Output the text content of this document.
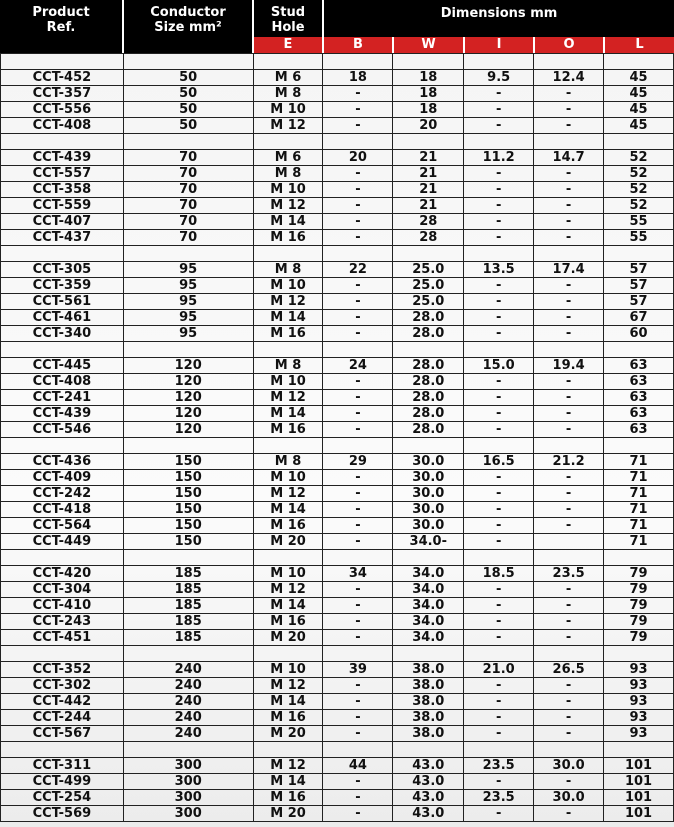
Product
Ref.
Conductor
Size mm²
Stud
Hole
Dimensions mm
E	B	W	I	O	L

CCT-452	50	M 6	18	18	9.5	12.4	45
CCT-357	50	M 8	-	18	-	-	45
CCT-556	50	M 10	-	18	-	-	45
CCT-408	50	M 12	-	20	-	-	45

CCT-439	70	M 6	20	21	11.2	14.7	52
CCT-557	70	M 8	-	21	-	-	52
CCT-358	70	M 10	-	21	-	-	52
CCT-559	70	M 12	-	21	-	-	52
CCT-407	70	M 14	-	28	-	-	55
CCT-437	70	M 16	-	28	-	-	55

CCT-305	95	M 8	22	25.0	13.5	17.4	57
CCT-359	95	M 10	-	25.0	-	-	57
CCT-561	95	M 12	-	25.0	-	-	57
CCT-461	95	M 14	-	28.0	-	-	67
CCT-340	95	M 16	-	28.0	-	-	60

CCT-445	120	M 8	24	28.0	15.0	19.4	63
CCT-408	120	M 10	-	28.0	-	-	63
CCT-241	120	M 12	-	28.0	-	-	63
CCT-439	120	M 14	-	28.0	-	-	63
CCT-546	120	M 16	-	28.0	-	-	63

CCT-436	150	M 8	29	30.0	16.5	21.2	71
CCT-409	150	M 10	-	30.0	-	-	71
CCT-242	150	M 12	-	30.0	-	-	71
CCT-418	150	M 14	-	30.0	-	-	71
CCT-564	150	M 16	-	30.0	-	-	71
CCT-449	150	M 20	-	34.0-	-		71

CCT-420	185	M 10	34	34.0	18.5	23.5	79
CCT-304	185	M 12	-	34.0	-	-	79
CCT-410	185	M 14	-	34.0	-	-	79
CCT-243	185	M 16	-	34.0	-	-	79
CCT-451	185	M 20	-	34.0	-	-	79

CCT-352	240	M 10	39	38.0	21.0	26.5	93
CCT-302	240	M 12	-	38.0	-	-	93
CCT-442	240	M 14	-	38.0	-	-	93
CCT-244	240	M 16	-	38.0	-	-	93
CCT-567	240	M 20	-	38.0	-	-	93

CCT-311	300	M 12	44	43.0	23.5	30.0	101
CCT-499	300	M 14	-	43.0	-	-	101
CCT-254	300	M 16	-	43.0	23.5	30.0	101
CCT-569	300	M 20	-	43.0	-	-	101
